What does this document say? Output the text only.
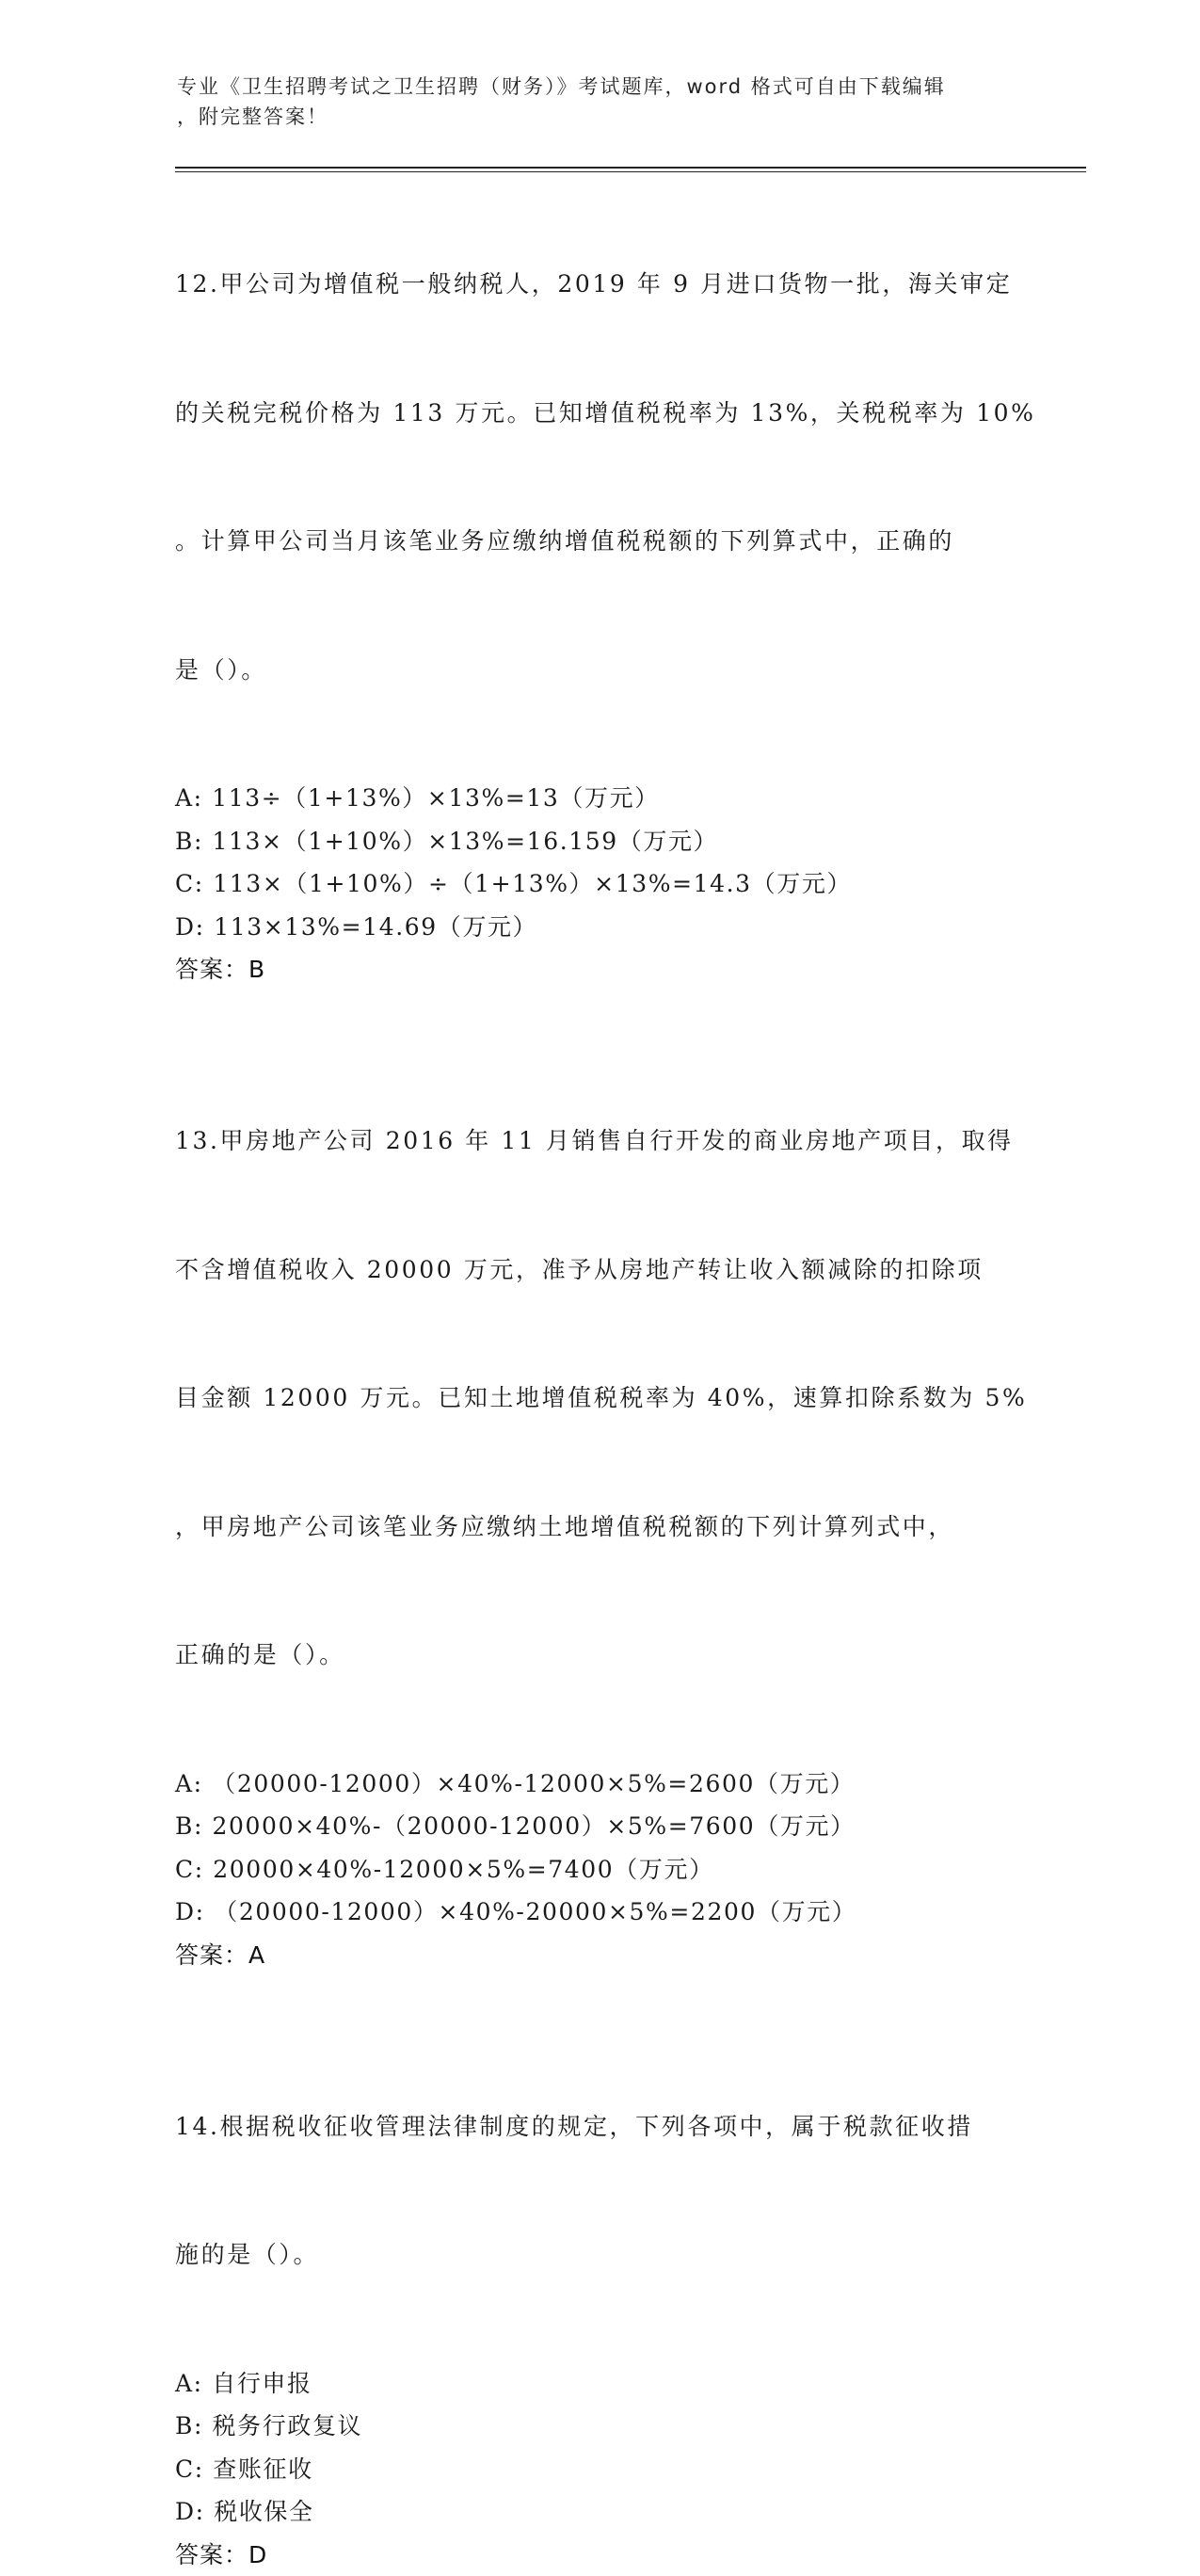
专业《卫生招聘考试之卫生招聘（财务）》考试题库，word 格式可自由下载编辑
，附完整答案！

12.甲公司为增值税一般纳税人，2019 年 9 月进口货物一批，海关审定

的关税完税价格为 113 万元。已知增值税税率为 13%，关税税率为 10%

。计算甲公司当月该笔业务应缴纳增值税税额的下列算式中，正确的

是（）。

A: 113÷（1+13%）×13%=13（万元）
B: 113×（1+10%）×13%=16.159（万元）
C: 113×（1+10%）÷（1+13%）×13%=14.3（万元）
D: 113×13%=14.69（万元）
答案：B

13.甲房地产公司 2016 年 11 月销售自行开发的商业房地产项目，取得

不含增值税收入 20000 万元，准予从房地产转让收入额减除的扣除项

目金额 12000 万元。已知土地增值税税率为 40%，速算扣除系数为 5%

，甲房地产公司该笔业务应缴纳土地增值税税额的下列计算列式中，

正确的是（）。

A: （20000-12000）×40%-12000×5%=2600（万元）
B: 20000×40%-（20000-12000）×5%=7600（万元）
C: 20000×40%-12000×5%=7400（万元）
D: （20000-12000）×40%-20000×5%=2200（万元）
答案：A

14.根据税收征收管理法律制度的规定，下列各项中，属于税款征收措

施的是（）。

A: 自行申报
B: 税务行政复议
C: 查账征收
D: 税收保全
答案：D
